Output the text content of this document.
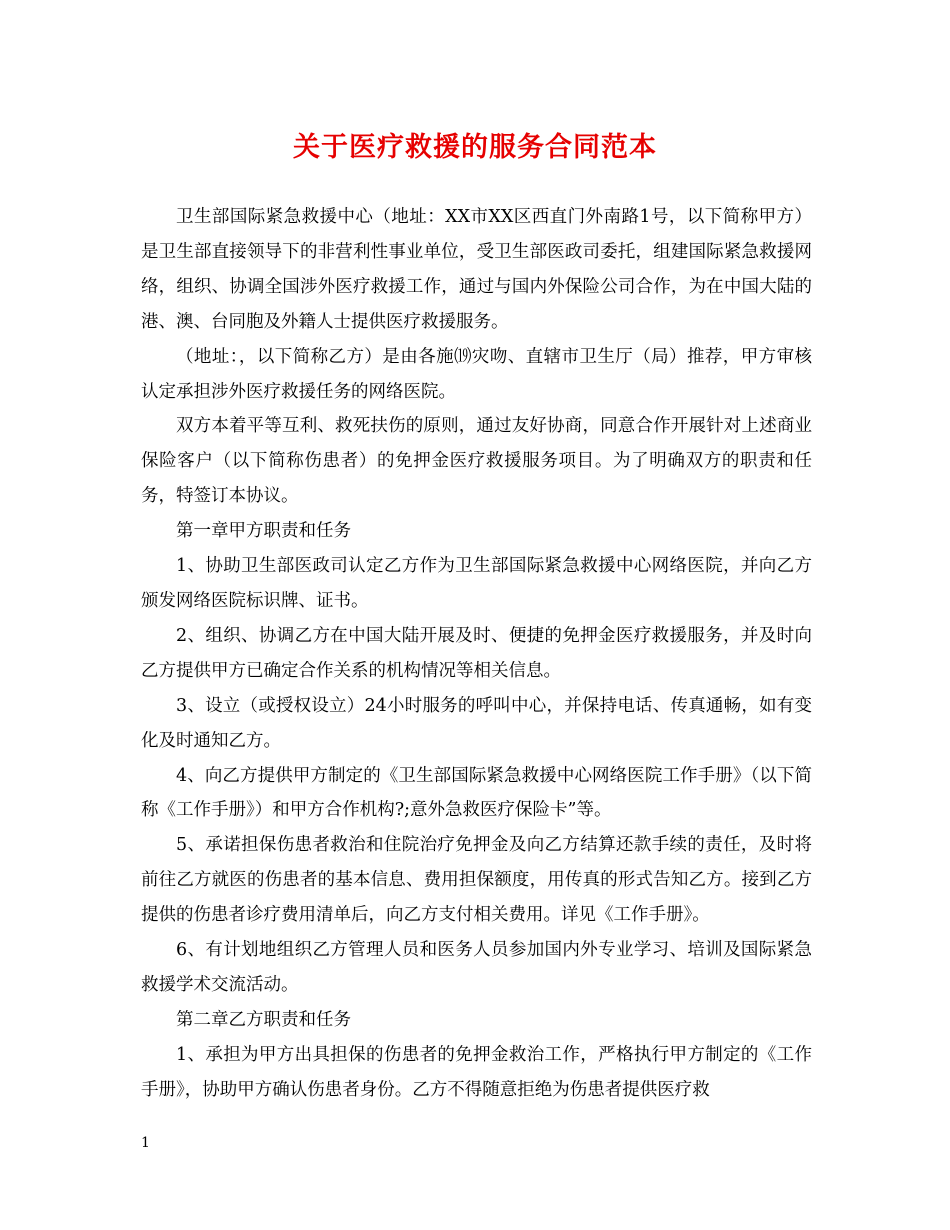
关于医疗救援的服务合同范本

卫生部国际紧急救援中心（地址：XX市XX区西直门外南路1号，以下简称甲方）是卫生部直接领导下的非营利性事业单位，受卫生部医政司委托，组建国际紧急救援网络，组织、协调全国涉外医疗救援工作，通过与国内外保险公司合作，为在中国大陆的港、澳、台同胞及外籍人士提供医疗救援服务。

（地址：，以下简称乙方）是由各施⒆灾吻、直辖市卫生厅（局）推荐，甲方审核认定承担涉外医疗救援任务的网络医院。

双方本着平等互利、救死扶伤的原则，通过友好协商，同意合作开展针对上述商业保险客户（以下简称伤患者）的免押金医疗救援服务项目。为了明确双方的职责和任务，特签订本协议。

第一章甲方职责和任务

1、协助卫生部医政司认定乙方作为卫生部国际紧急救援中心网络医院，并向乙方颁发网络医院标识牌、证书。

2、组织、协调乙方在中国大陆开展及时、便捷的免押金医疗救援服务，并及时向乙方提供甲方已确定合作关系的机构情况等相关信息。

3、设立（或授权设立）24小时服务的呼叫中心，并保持电话、传真通畅，如有变化及时通知乙方。

4、向乙方提供甲方制定的《卫生部国际紧急救援中心网络医院工作手册》（以下简称《工作手册》）和甲方合作机构?;意外急救医疗保险卡”等。

5、承诺担保伤患者救治和住院治疗免押金及向乙方结算还款手续的责任，及时将前往乙方就医的伤患者的基本信息、费用担保额度，用传真的形式告知乙方。接到乙方提供的伤患者诊疗费用清单后，向乙方支付相关费用。详见《工作手册》。

6、有计划地组织乙方管理人员和医务人员参加国内外专业学习、培训及国际紧急救援学术交流活动。

第二章乙方职责和任务

1、承担为甲方出具担保的伤患者的免押金救治工作，严格执行甲方制定的《工作手册》，协助甲方确认伤患者身份。乙方不得随意拒绝为伤患者提供医疗救

1
